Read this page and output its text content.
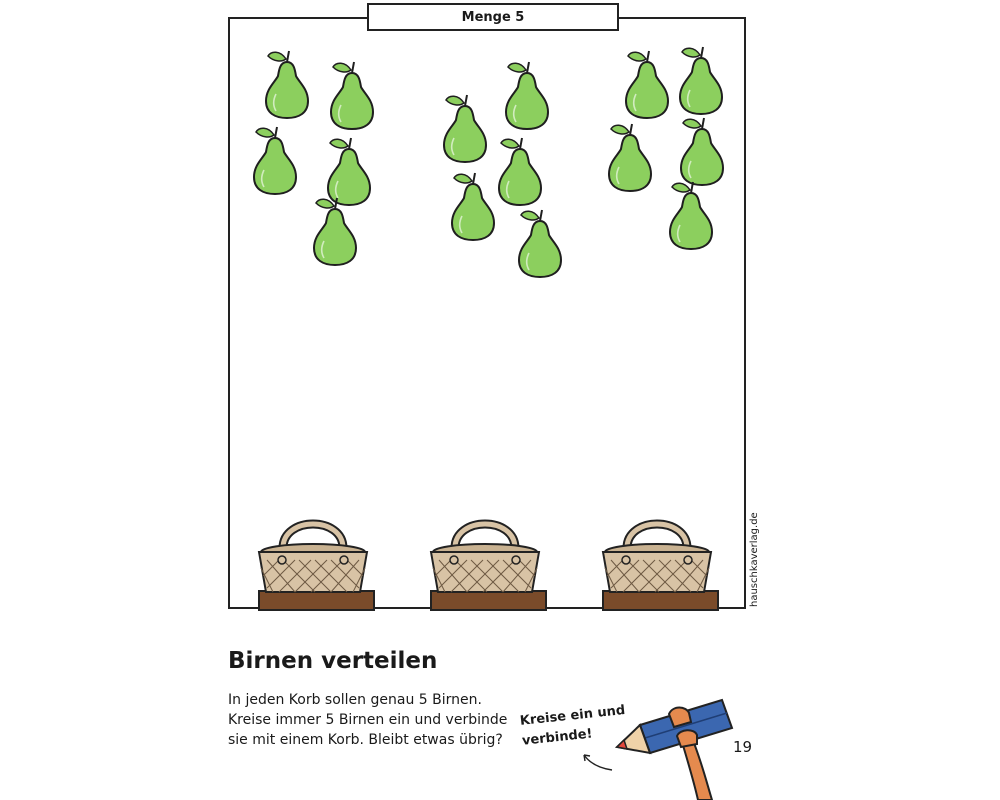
Menge 5
hauschkaverlag.de
Birnen verteilen

In jeden Korb sollen genau 5 Birnen.
Kreise immer 5 Birnen ein und verbinde
sie mit einem Korb. Bleibt etwas übrig?

Kreise ein und
verbinde!	19
